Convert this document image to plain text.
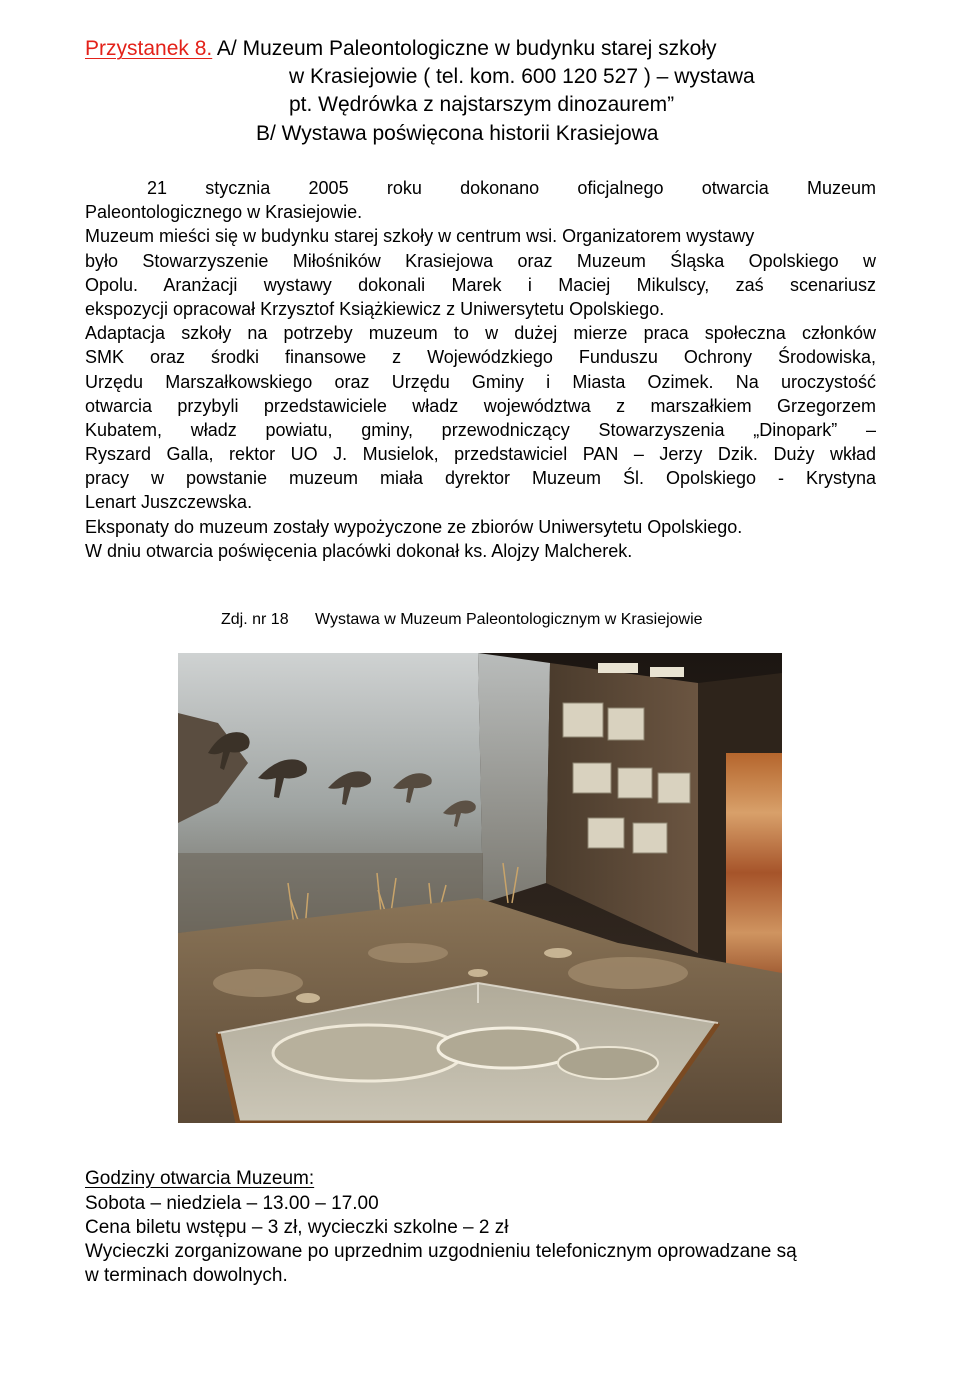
Przystanek 8. A/ Muzeum Paleontologiczne w budynku starej szkoły
w Krasiejowie ( tel. kom. 600 120 527 ) – wystawa
pt. Wędrówka z najstarszym dinozaurem”
B/ Wystawa poświęcona historii Krasiejowa
21 stycznia 2005 roku dokonano oficjalnego otwarcia Muzeum
Paleontologicznego w Krasiejowie.
Muzeum mieści się w budynku starej szkoły w centrum wsi. Organizatorem wystawy
było Stowarzyszenie Miłośników Krasiejowa oraz Muzeum Śląska Opolskiego w
Opolu. Aranżacji wystawy dokonali Marek i Maciej Mikulscy, zaś scenariusz
ekspozycji opracował Krzysztof Książkiewicz z Uniwersytetu Opolskiego.
Adaptacja szkoły na potrzeby muzeum to w dużej mierze praca społeczna członków
SMK oraz środki finansowe z Wojewódzkiego Funduszu Ochrony Środowiska,
Urzędu Marszałkowskiego oraz Urzędu Gminy i Miasta Ozimek. Na uroczystość
otwarcia przybyli przedstawiciele władz województwa z marszałkiem Grzegorzem
Kubatem, władz powiatu, gminy, przewodniczący Stowarzyszenia „Dinopark” –
Ryszard Galla, rektor UO J. Musielok, przedstawiciel PAN – Jerzy Dzik. Duży wkład
pracy w powstanie muzeum miała dyrektor Muzeum Śl. Opolskiego - Krystyna
Lenart Juszczewska.
Eksponaty do muzeum zostały wypożyczone ze zbiorów Uniwersytetu Opolskiego.
W dniu otwarcia poświęcenia placówki dokonał ks. Alojzy Malcherek.
Zdj. nr 18 Wystawa w Muzeum Paleontologicznym w Krasiejowie
Godziny otwarcia Muzeum:
Sobota – niedziela – 13.00 – 17.00
Cena biletu wstępu – 3 zł, wycieczki szkolne – 2 zł
Wycieczki zorganizowane po uprzednim uzgodnieniu telefonicznym oprowadzane są
w terminach dowolnych.
